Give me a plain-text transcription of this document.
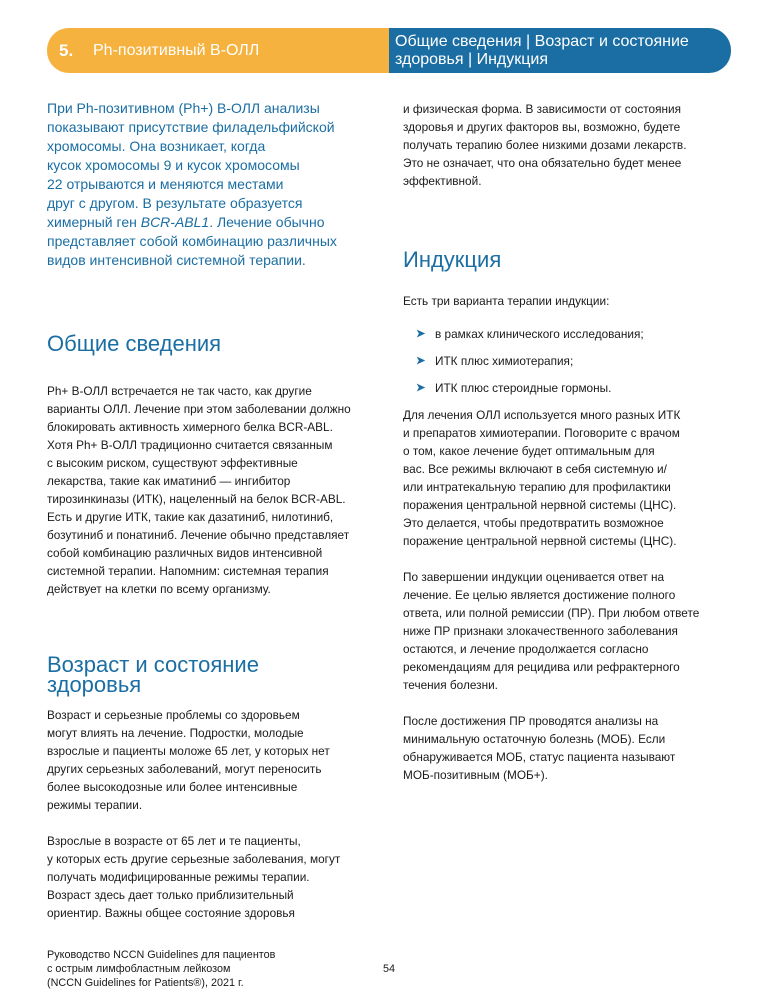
5.	Ph-позитивный В-ОЛЛ	Общие сведения | Возраст и состояние
здоровья | Индукция

При Ph-позитивном (Ph+) В-ОЛЛ анализы
показывают присутствие филадельфийской
хромосомы. Она возникает, когда
кусок хромосомы 9 и кусок хромосомы
22 отрываются и меняются местами
друг с другом. В результате образуется
химерный ген BCR-ABL1. Лечение обычно
представляет собой комбинацию различных
видов интенсивной системной терапии.

Общие сведения

Ph+ В-ОЛЛ встречается не так часто, как другие
варианты ОЛЛ. Лечение при этом заболевании должно
блокировать активность химерного белка BCR-ABL.
Хотя Ph+ В-ОЛЛ традиционно считается связанным
с высоким риском, существуют эффективные
лекарства, такие как иматиниб — ингибитор
тирозинкиназы (ИТК), нацеленный на белок BCR-ABL.
Есть и другие ИТК, такие как дазатиниб, нилотиниб,
бозутиниб и понатиниб. Лечение обычно представляет
собой комбинацию различных видов интенсивной
системной терапии. Напомним: системная терапия
действует на клетки по всему организму.

Возраст и состояние
здоровья

Возраст и серьезные проблемы со здоровьем
могут влиять на лечение. Подростки, молодые
взрослые и пациенты моложе 65 лет, у которых нет
других серьезных заболеваний, могут переносить
более высокодозные или более интенсивные
режимы терапии.

Взрослые в возрасте от 65 лет и те пациенты,
у которых есть другие серьезные заболевания, могут
получать модифицированные режимы терапии.
Возраст здесь дает только приблизительный
ориентир. Важны общее состояние здоровья

и физическая форма. В зависимости от состояния
здоровья и других факторов вы, возможно, будете
получать терапию более низкими дозами лекарств.
Это не означает, что она обязательно будет менее
эффективной.

Индукция

Есть три варианта терапии индукции:

➤ в рамках клинического исследования;
➤ ИТК плюс химиотерапия;
➤ ИТК плюс стероидные гормоны.

Для лечения ОЛЛ используется много разных ИТК
и препаратов химиотерапии. Поговорите с врачом
о том, какое лечение будет оптимальным для
вас. Все режимы включают в себя системную и/
или интратекальную терапию для профилактики
поражения центральной нервной системы (ЦНС).
Это делается, чтобы предотвратить возможное
поражение центральной нервной системы (ЦНС).

По завершении индукции оценивается ответ на
лечение. Ее целью является достижение полного
ответа, или полной ремиссии (ПР). При любом ответе
ниже ПР признаки злокачественного заболевания
остаются, и лечение продолжается согласно
рекомендациям для рецидива или рефрактерного
течения болезни.

После достижения ПР проводятся анализы на
минимальную остаточную болезнь (МОБ). Если
обнаруживается МОБ, статус пациента называют
МОБ-позитивным (МОБ+).

Руководство NCCN Guidelines для пациентов
с острым лимфобластным лейкозом
(NCCN Guidelines for Patients®), 2021 г.
54
